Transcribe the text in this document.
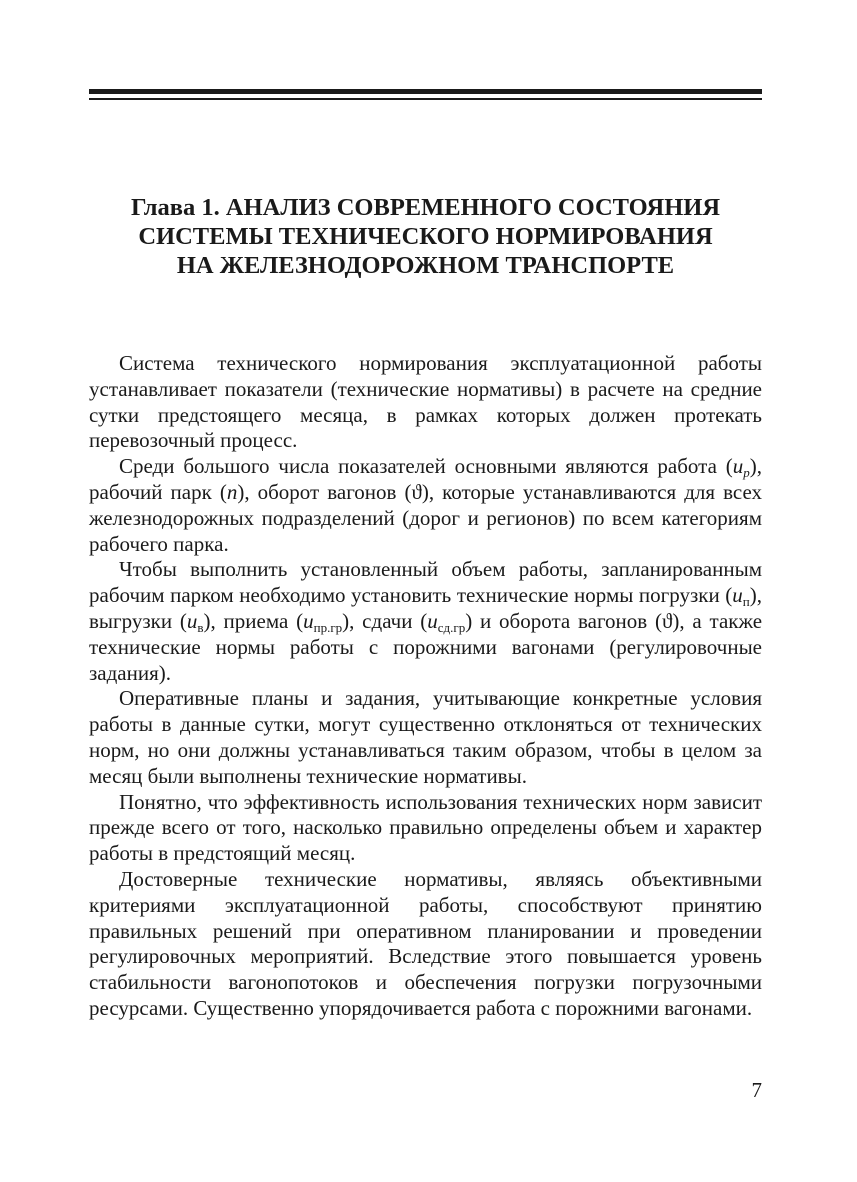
Глава 1. АНАЛИЗ СОВРЕМЕННОГО СОСТОЯНИЯ
СИСТЕМЫ ТЕХНИЧЕСКОГО НОРМИРОВАНИЯ
НА ЖЕЛЕЗНОДОРОЖНОМ ТРАНСПОРТЕ

Система технического нормирования эксплуатационной работы устанавливает показатели (технические нормативы) в расчете на средние сутки предстоящего месяца, в рамках которых должен протекать перевозочный процесс.

Среди большого числа показателей основными являются работа $(u_p)$, рабочий парк (n), оборот вагонов (ϑ), которые устанавливаются для всех железнодорожных подразделений (дорог и регионов) по всем категориям рабочего парка.

Чтобы выполнить установленный объем работы, запланированным рабочим парком необходимо установить технические нормы погрузки $(u_п)$, выгрузки $(u_в)$, приема $(u_{пр.гр})$, сдачи $(u_{сд.гр})$ и оборота вагонов (ϑ), а также технические нормы работы с порожними вагонами (регулировочные задания).

Оперативные планы и задания, учитывающие конкретные условия работы в данные сутки, могут существенно отклоняться от технических норм, но они должны устанавливаться таким образом, чтобы в целом за месяц были выполнены технические нормативы.

Понятно, что эффективность использования технических норм зависит прежде всего от того, насколько правильно определены объем и характер работы в предстоящий месяц.

Достоверные технические нормативы, являясь объективными критериями эксплуатационной работы, способствуют принятию правильных решений при оперативном планировании и проведении регулировочных мероприятий. Вследствие этого повышается уровень стабильности вагонопотоков и обеспечения погрузки погрузочными ресурсами. Существенно упорядочивается работа с порожними вагонами.

7
